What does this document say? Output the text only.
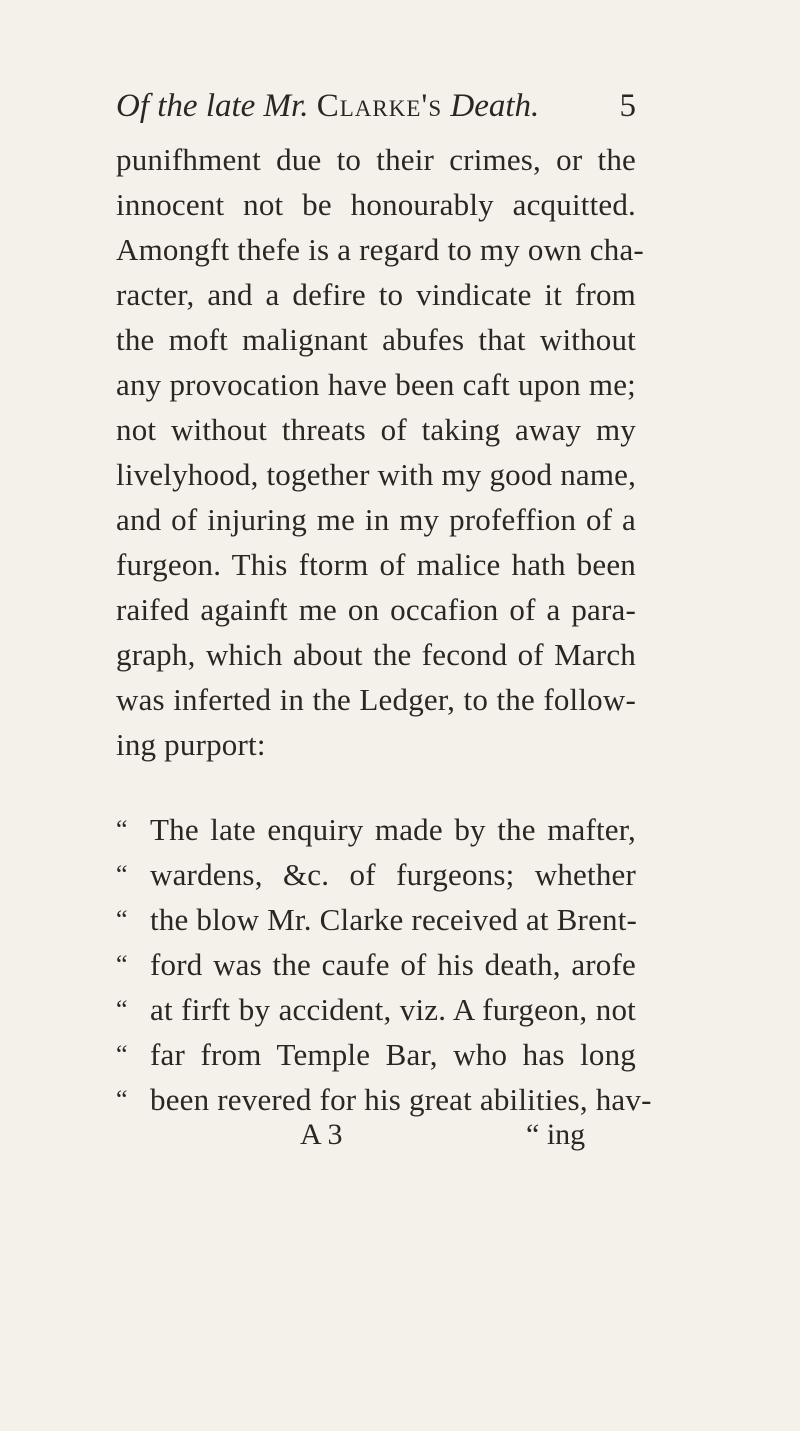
Of the late Mr. Clarke's Death. 5
punifhment due to their crimes, or the
innocent not be honourably acquitted.
Amongft thefe is a regard to my own cha-
racter, and a defire to vindicate it from
the moft malignant abufes that without
any provocation have been caft upon me;
not without threats of taking away my
livelyhood, together with my good name,
and of injuring me in my profeffion of a
furgeon. This ftorm of malice hath been
raifed againft me on occafion of a para-
graph, which about the fecond of March
was inferted in the Ledger, to the follow-
ing purport:
“ The late enquiry made by the mafter,
“ wardens, &c. of furgeons; whether
“ the blow Mr. Clarke received at Brent-
“ ford was the caufe of his death, arofe
“ at firft by accident, viz. A furgeon, not
“ far from Temple Bar, who has long
“ been revered for his great abilities, hav-
A 3	“ ing
